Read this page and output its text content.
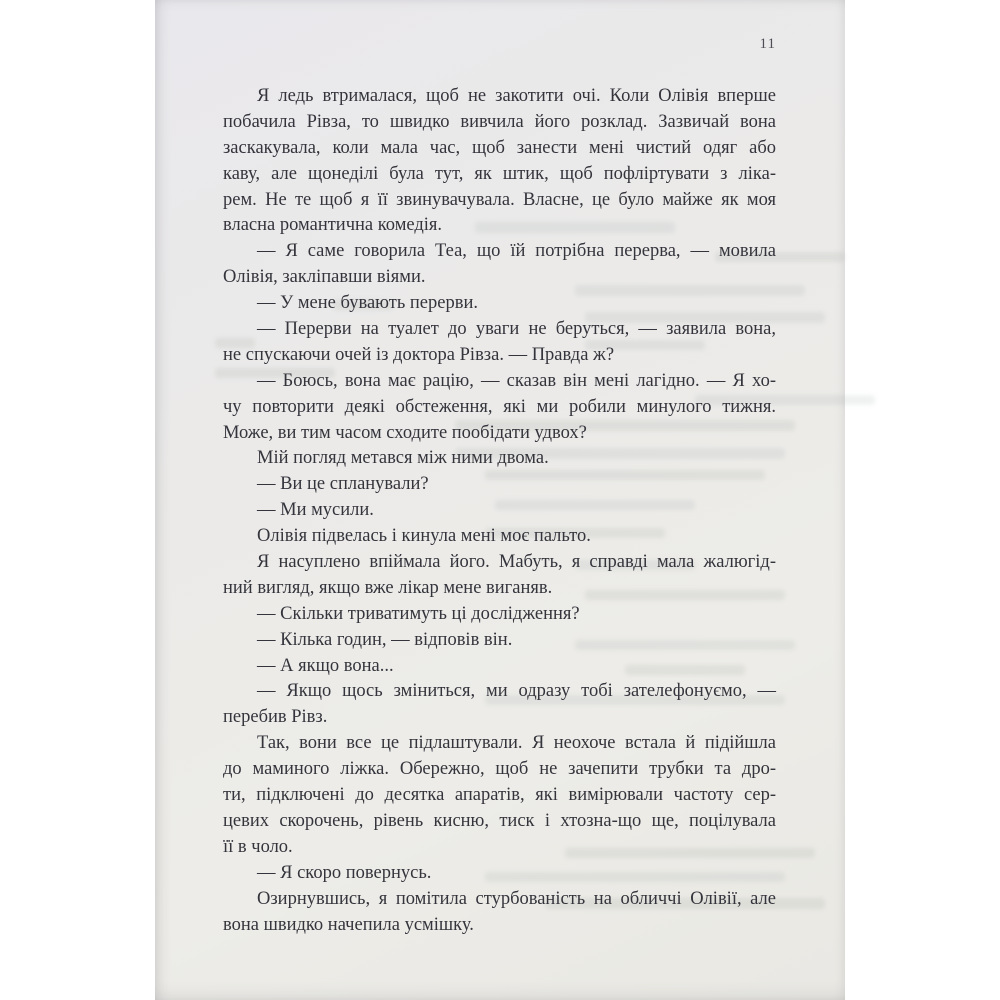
11
Я ледь втрималася, щоб не закотити очі. Коли Олівія вперше
побачила Рівза, то швидко вивчила його розклад. Зазвичай вона
заскакувала, коли мала час, щоб занести мені чистий одяг або
каву, але щонеділі була тут, як штик, щоб пофліртувати з ліка-
рем. Не те щоб я її звинувачувала. Власне, це було майже як моя
власна романтична комедія.
— Я саме говорила Теа, що їй потрібна перерва, — мовила
Олівія, закліпавши віями.
— У мене бувають перерви.
— Перерви на туалет до уваги не беруться, — заявила вона,
не спускаючи очей із доктора Рівза. — Правда ж?
— Боюсь, вона має рацію, — сказав він мені лагідно. — Я хо-
чу повторити деякі обстеження, які ми робили минулого тижня.
Може, ви тим часом сходите пообідати удвох?
Мій погляд метався між ними двома.
— Ви це спланували?
— Ми мусили.
Олівія підвелась і кинула мені моє пальто.
Я насуплено впіймала його. Мабуть, я справді мала жалюгід-
ний вигляд, якщо вже лікар мене виганяв.
— Скільки триватимуть ці дослідження?
— Кілька годин, — відповів він.
— А якщо вона...
— Якщо щось зміниться, ми одразу тобі зателефонуємо, —
перебив Рівз.
Так, вони все це підлаштували. Я неохоче встала й підійшла
до маминого ліжка. Обережно, щоб не зачепити трубки та дро-
ти, підключені до десятка апаратів, які вимірювали частоту сер-
цевих скорочень, рівень кисню, тиск і хтозна-що ще, поцілувала
її в чоло.
— Я скоро повернусь.
Озирнувшись, я помітила стурбованість на обличчі Олівії, але
вона швидко начепила усмішку.
